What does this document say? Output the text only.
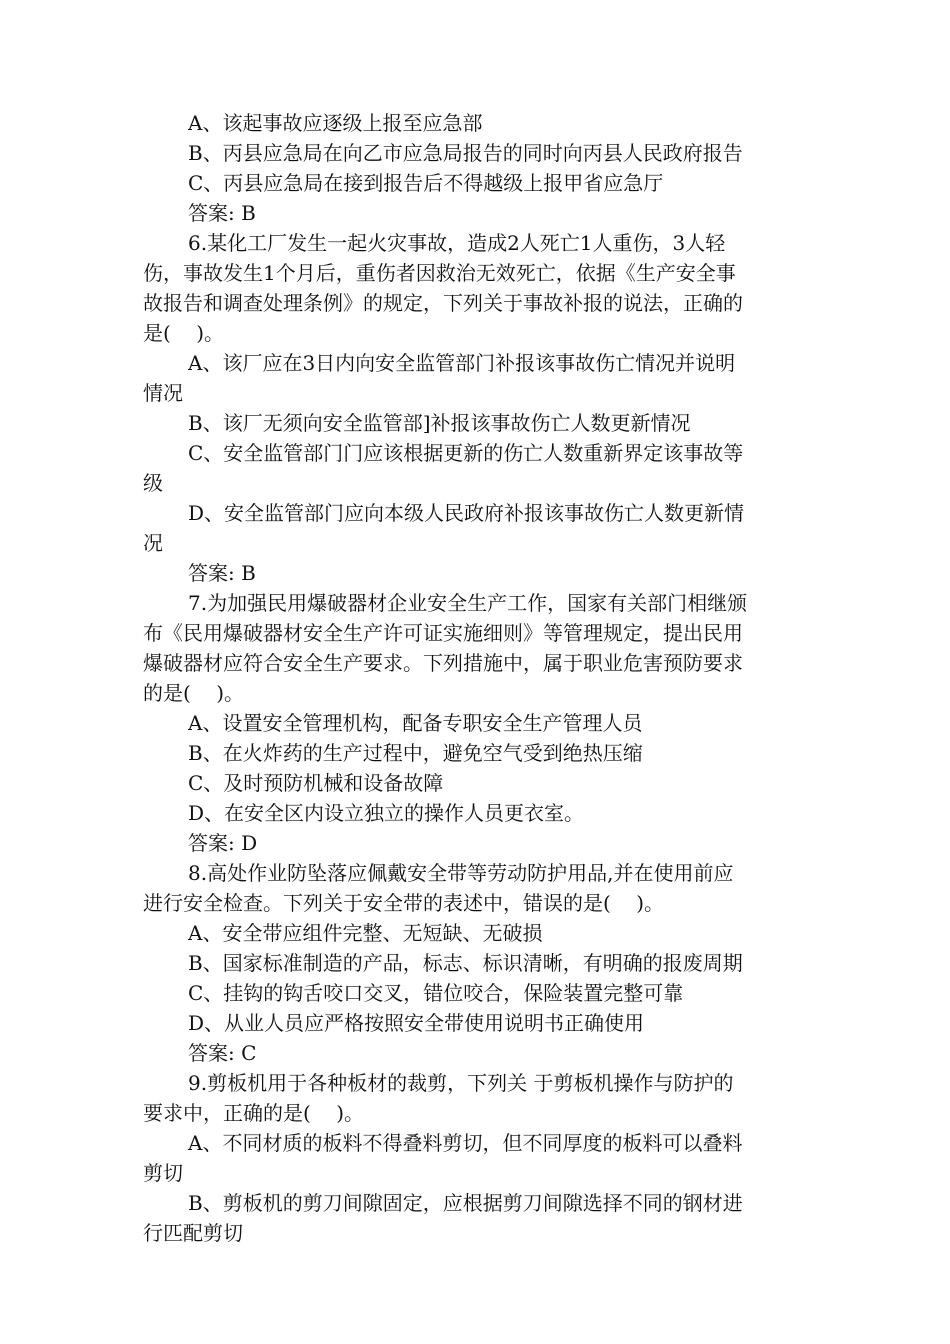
A、该起事故应逐级上报至应急部
B、丙县应急局在向乙市应急局报告的同时向丙县人民政府报告
C、丙县应急局在接到报告后不得越级上报甲省应急厅
答案: B
6.某化工厂发生一起火灾事故，造成2人死亡1人重伤，3人轻
伤，事故发生1个月后，重伤者因救治无效死亡，依据《生产安全事
故报告和调查处理条例》的规定，下列关于事故补报的说法，正确的
是(    )。
A、该厂应在3日内向安全监管部门补报该事故伤亡情况并说明
情况
B、该厂无须向安全监管部]补报该事故伤亡人数更新情况
C、安全监管部门门应该根据更新的伤亡人数重新界定该事故等
级
D、安全监管部门应向本级人民政府补报该事故伤亡人数更新情
况
答案: B
7.为加强民用爆破器材企业安全生产工作，国家有关部门相继颁
布《民用爆破器材安全生产许可证实施细则》等管理规定，提出民用
爆破器材应符合安全生产要求。下列措施中，属于职业危害预防要求
的是(    )。
A、设置安全管理机构，配备专职安全生产管理人员
B、在火炸药的生产过程中，避免空气受到绝热压缩
C、及时预防机械和设备故障
D、在安全区内设立独立的操作人员更衣室。
答案: D
8.高处作业防坠落应佩戴安全带等劳动防护用品,并在使用前应
进行安全检查。下列关于安全带的表述中，错误的是(    )。
A、安全带应组件完整、无短缺、无破损
B、国家标准制造的产品，标志、标识清晰，有明确的报废周期
C、挂钩的钩舌咬口交叉，错位咬合，保险装置完整可靠
D、从业人员应严格按照安全带使用说明书正确使用
答案: C
9.剪板机用于各种板材的裁剪，下列关 于剪板机操作与防护的
要求中，正确的是(    )。
A、不同材质的板料不得叠料剪切，但不同厚度的板料可以叠料
剪切
B、剪板机的剪刀间隙固定，应根据剪刀间隙选择不同的钢材进
行匹配剪切
